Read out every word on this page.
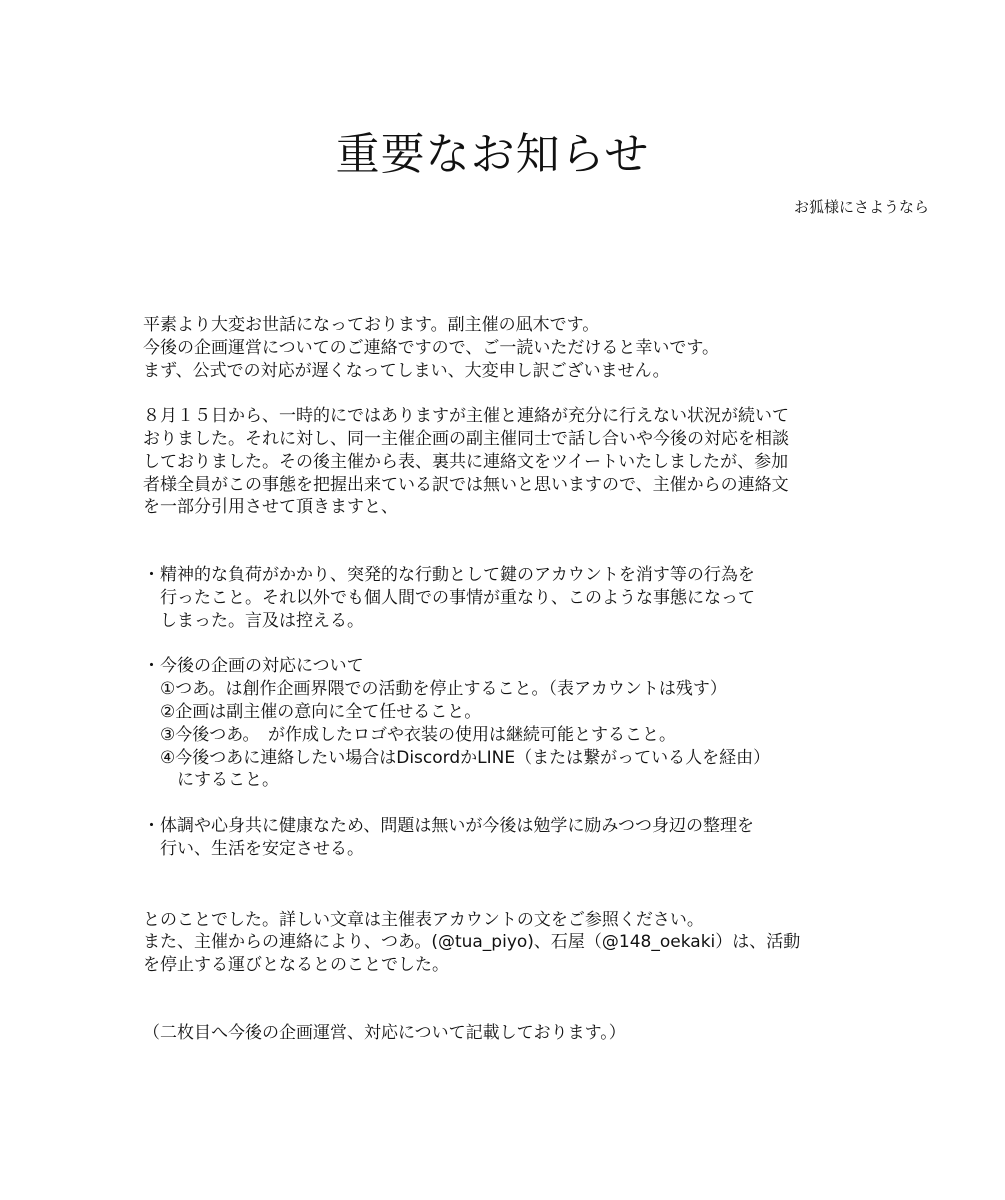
重要なお知らせ
お狐様にさようなら
平素より大変お世話になっております。副主催の凪木です。
今後の企画運営についてのご連絡ですので、ご一読いただけると幸いです。
まず、公式での対応が遅くなってしまい、大変申し訳ございません。
８月１５日から、一時的にではありますが主催と連絡が充分に行えない状況が続いて
おりました。それに対し、同一主催企画の副主催同士で話し合いや今後の対応を相談
しておりました。その後主催から表、裏共に連絡文をツイートいたしましたが、参加
者様全員がこの事態を把握出来ている訳では無いと思いますので、主催からの連絡文
を一部分引用させて頂きますと、
・精神的な負荷がかかり、突発的な行動として鍵のアカウントを消す等の行為を
　行ったこと。それ以外でも個人間での事情が重なり、このような事態になって
　しまった。言及は控える。
・今後の企画の対応について
　①つあ。は創作企画界隈での活動を停止すること。（表アカウントは残す）
　②企画は副主催の意向に全て任せること。
　③今後つあ。　が作成したロゴや衣装の使用は継続可能とすること。
　④今後つあに連絡したい場合はDiscordかLINE（または繋がっている人を経由）
　　にすること。
・体調や心身共に健康なため、問題は無いが今後は勉学に励みつつ身辺の整理を
　行い、生活を安定させる。
とのことでした。詳しい文章は主催表アカウントの文をご参照ください。
また、主催からの連絡により、つあ。(@tua_piyo)、石屋（@148_oekaki）は、活動
を停止する運びとなるとのことでした。
（二枚目へ今後の企画運営、対応について記載しております。）
